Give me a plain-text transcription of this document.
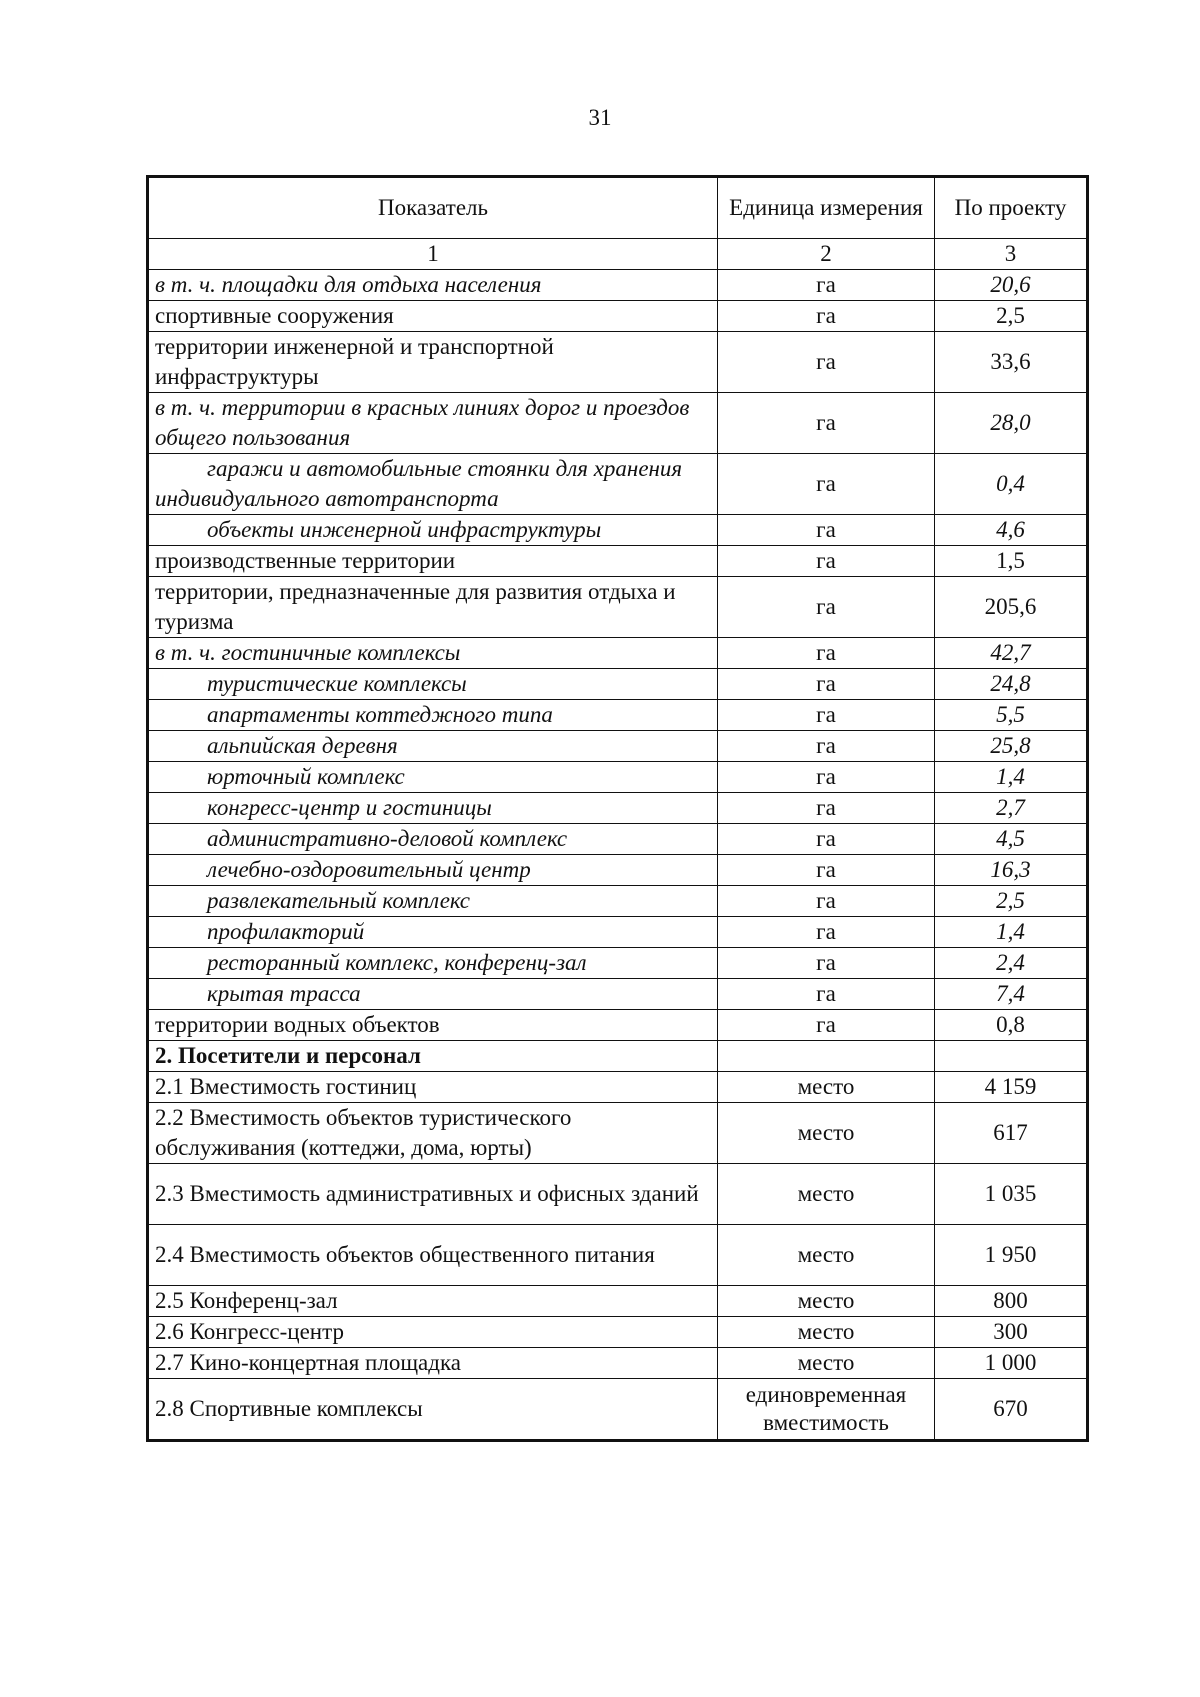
31
Показатель	Единица измерения	По проекту
1	2	3
в т. ч. площадки для отдыха населения	га	20,6
спортивные сооружения	га	2,5
территории инженерной и транспортной инфраструктуры	га	33,6
в т. ч. территории в красных линиях дорог и проездов общего пользования	га	28,0
гаражи и автомобильные стоянки для хранения индивидуального автотранспорта	га	0,4
объекты инженерной инфраструктуры	га	4,6
производственные территории	га	1,5
территории, предназначенные для развития отдыха и туризма	га	205,6
в т. ч. гостиничные комплексы	га	42,7
туристические комплексы	га	24,8
апартаменты коттеджного типа	га	5,5
альпийская деревня	га	25,8
юрточный комплекс	га	1,4
конгресс-центр и гостиницы	га	2,7
административно-деловой комплекс	га	4,5
лечебно-оздоровительный центр	га	16,3
развлекательный комплекс	га	2,5
профилакторий	га	1,4
ресторанный комплекс, конференц-зал	га	2,4
крытая трасса	га	7,4
территории водных объектов	га	0,8
2. Посетители и персонал		
2.1 Вместимость гостиниц	место	4 159
2.2 Вместимость объектов туристического обслуживания (коттеджи, дома, юрты)	место	617
2.3 Вместимость административных и офисных зданий	место	1 035
2.4 Вместимость объектов общественного питания	место	1 950
2.5 Конференц-зал	место	800
2.6 Конгресс-центр	место	300
2.7 Кино-концертная площадка	место	1 000
2.8 Спортивные комплексы	единовременная вместимость	670
